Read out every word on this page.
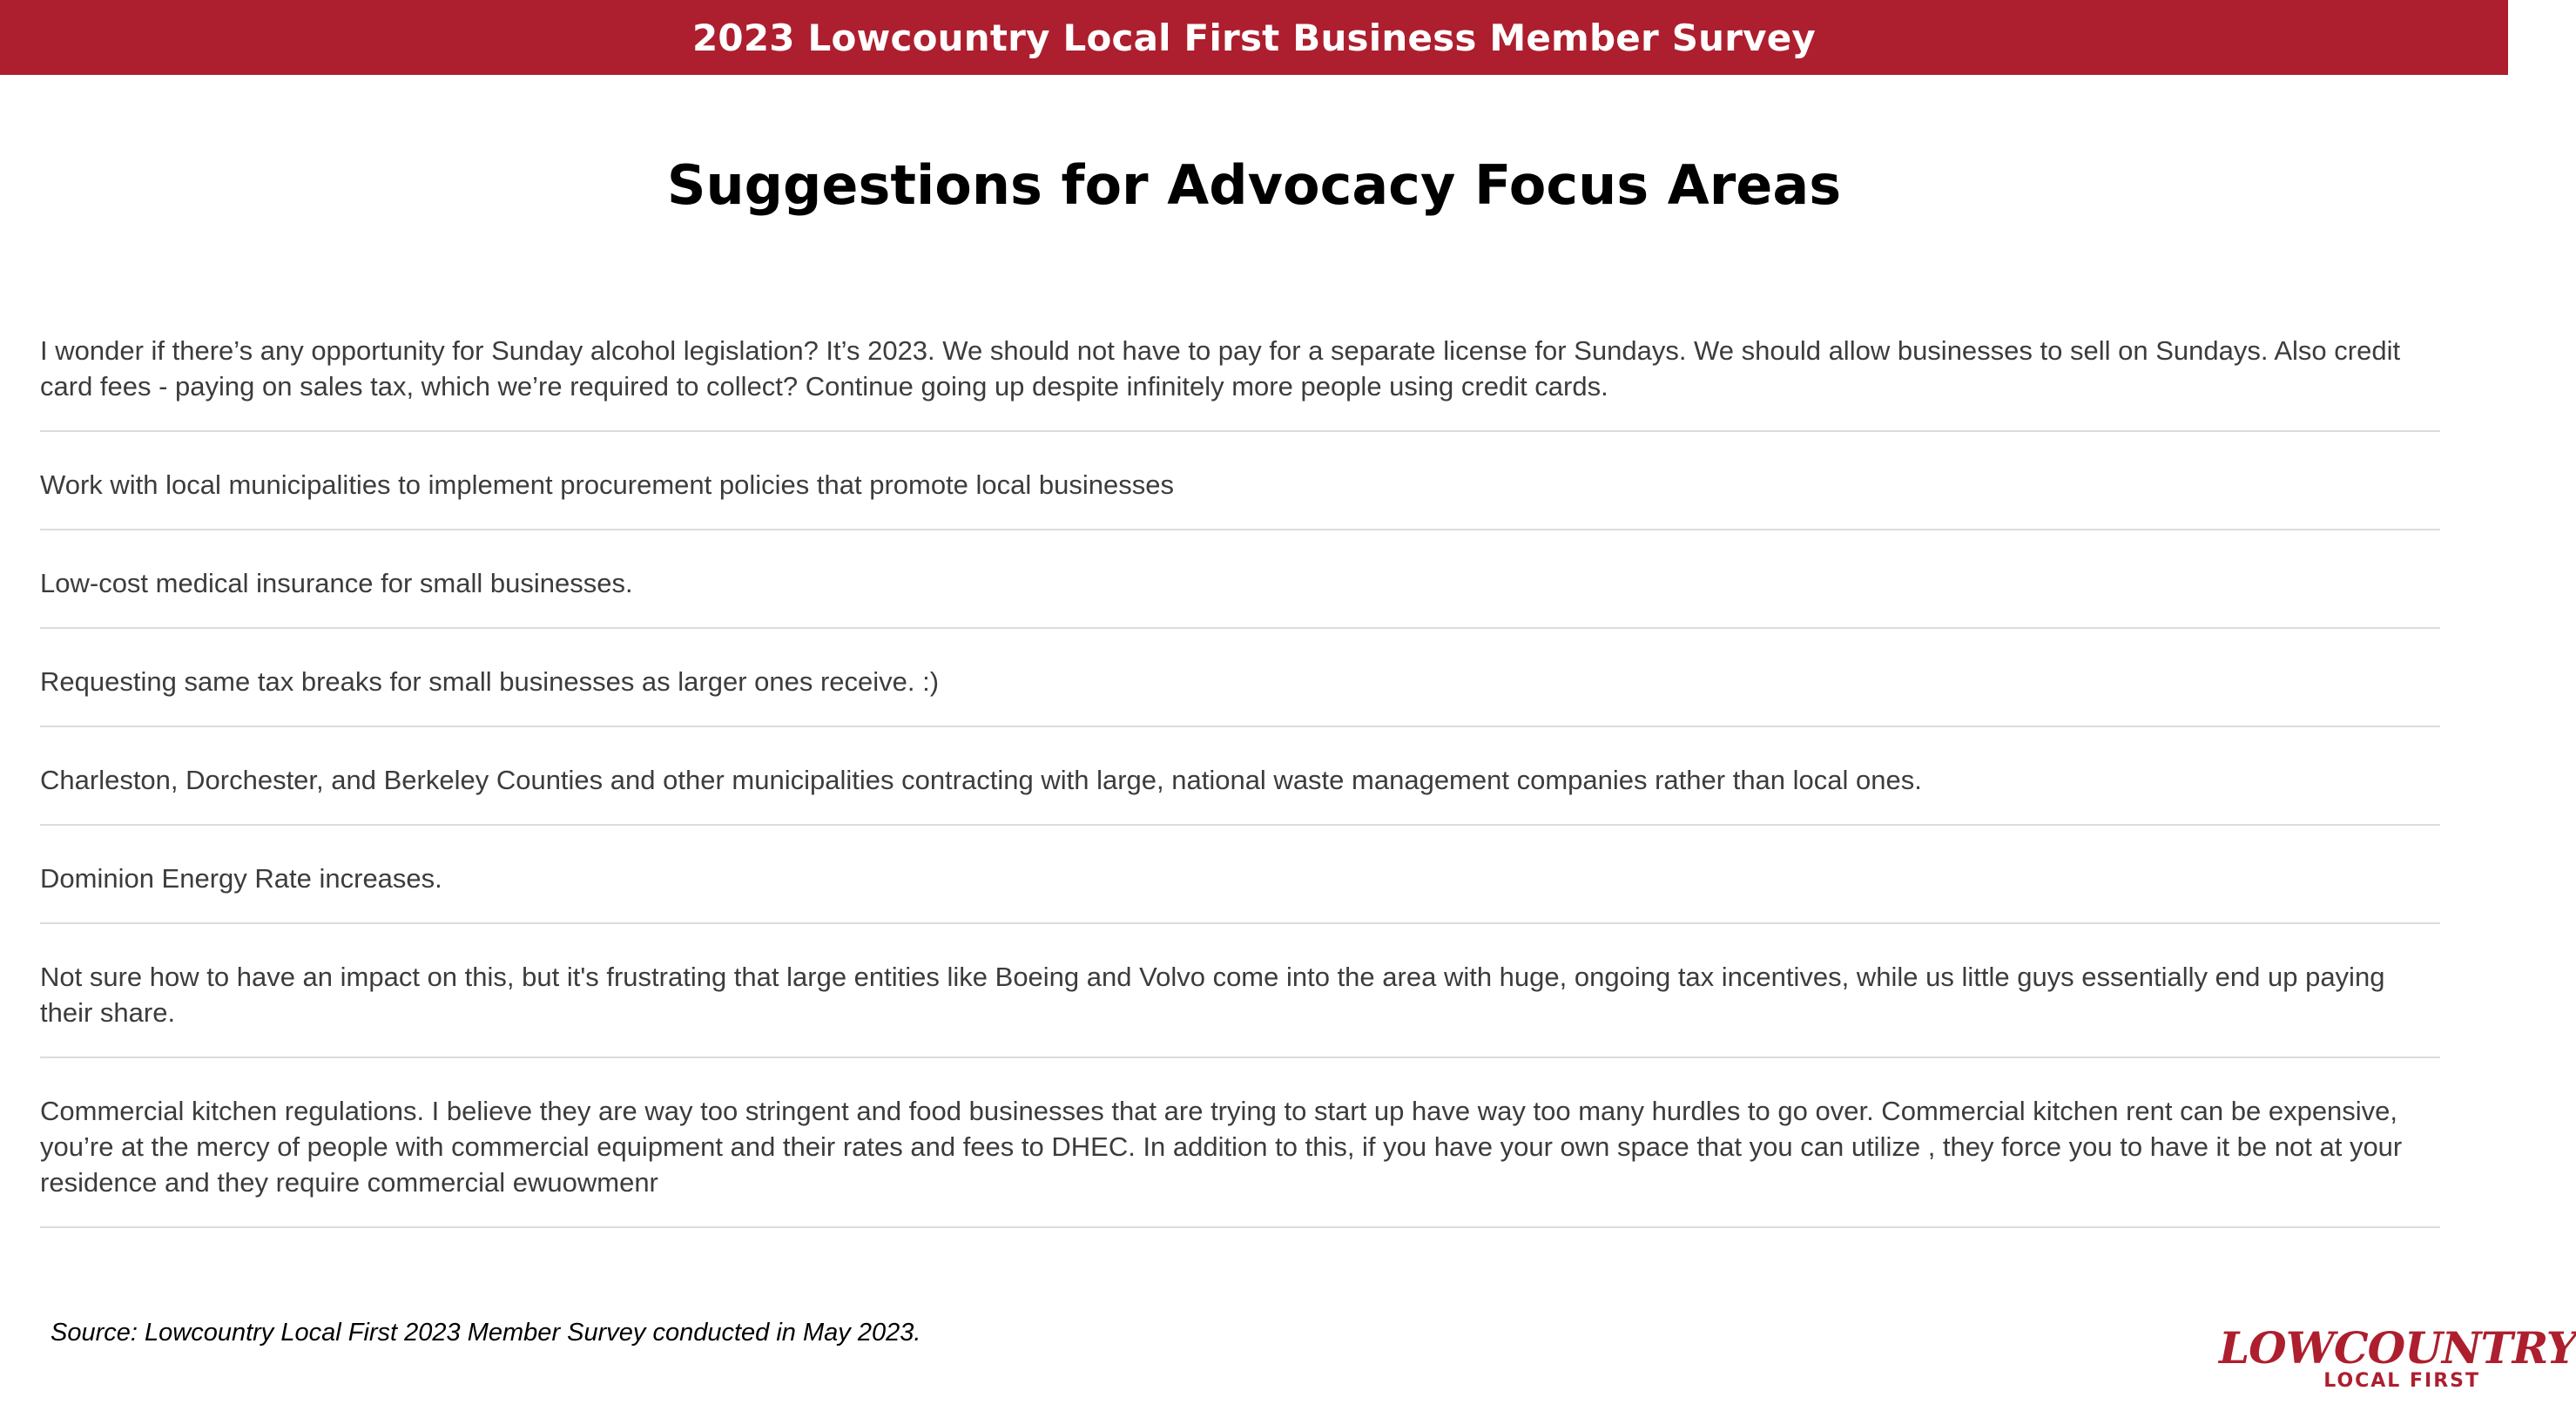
2023 Lowcountry Local First Business Member Survey
Suggestions for Advocacy Focus Areas
I wonder if there’s any opportunity for Sunday alcohol legislation? It’s 2023. We should not have to pay for a separate license for Sundays. We should allow businesses to sell on Sundays. Also credit card fees - paying on sales tax, which we’re required to collect? Continue going up despite infinitely more people using credit cards.
Work with local municipalities to implement procurement policies that promote local businesses
Low-cost medical insurance for small businesses.
Requesting same tax breaks for small businesses as larger ones receive. :)
Charleston, Dorchester, and Berkeley Counties and other municipalities contracting with large, national waste management companies rather than local ones.
Dominion Energy Rate increases.
Not sure how to have an impact on this, but it's frustrating that large entities like Boeing and Volvo come into the area with huge, ongoing tax incentives, while us little guys essentially end up paying their share.
Commercial kitchen regulations. I believe they are way too stringent and food businesses that are trying to start up have way too many hurdles to go over. Commercial kitchen rent can be expensive, you’re at the mercy of people with commercial equipment and their rates and fees to DHEC. In addition to this, if you have your own space that you can utilize , they force you to have it be not at your residence and they require commercial ewuowmenr
Source: Lowcountry Local First 2023 Member Survey conducted in May 2023.	LOWCOUNTRY
LOCAL FIRST
